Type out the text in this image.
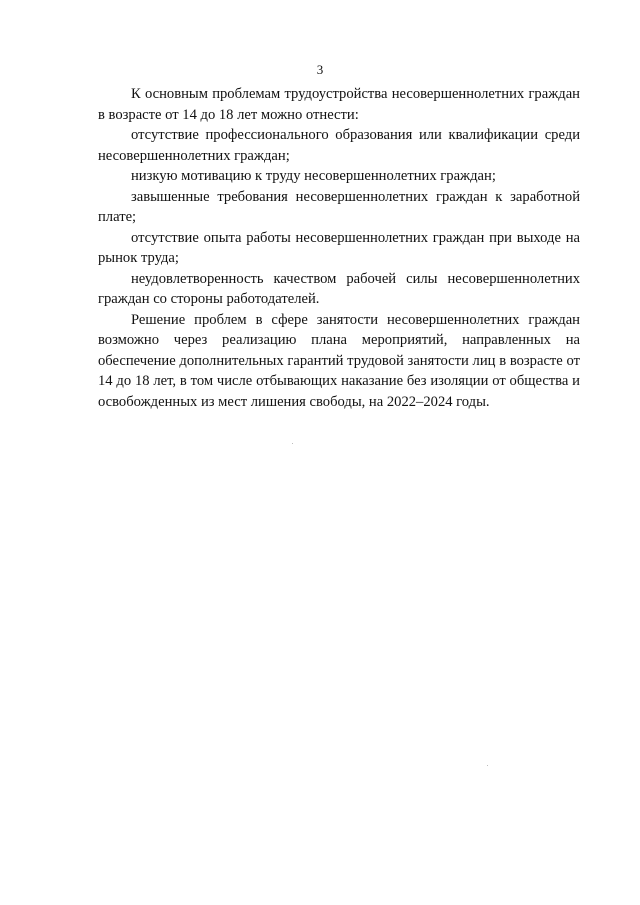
3

К основным проблемам трудоустройства несовершеннолетних граждан в возрасте от 14 до 18 лет можно отнести:

отсутствие профессионального образования или квалификации среди несовершеннолетних граждан;

низкую мотивацию к труду несовершеннолетних граждан;

завышенные требования несовершеннолетних граждан к заработной плате;

отсутствие опыта работы несовершеннолетних граждан при выходе на рынок труда;

неудовлетворенность качеством рабочей силы несовершеннолетних граждан со стороны работодателей.

Решение проблем в сфере занятости несовершеннолетних граждан возможно через реализацию плана мероприятий, направленных на обеспечение дополнительных гарантий трудовой занятости лиц в возрасте от 14 до 18 лет, в том числе отбывающих наказание без изоляции от общества и освобожденных из мест лишения свободы, на 2022–2024 годы.
